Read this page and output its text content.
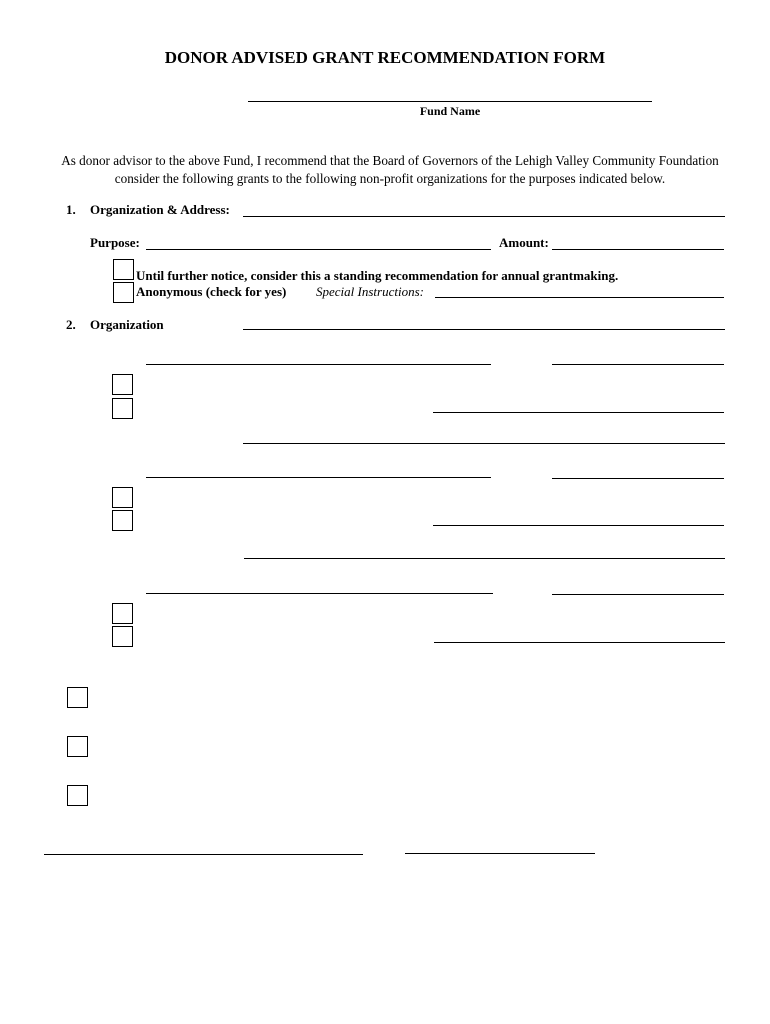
DONOR ADVISED GRANT RECOMMENDATION FORM
Fund Name
As donor advisor to the above Fund, I recommend that the Board of Governors of the Lehigh Valley Community Foundation consider the following grants to the following non-profit organizations for the purposes indicated below.
1. Organization & Address:
Purpose:	Amount:
Until further notice, consider this a standing recommendation for annual grantmaking.
Anonymous (check for yes) Special Instructions:
2. Organization
